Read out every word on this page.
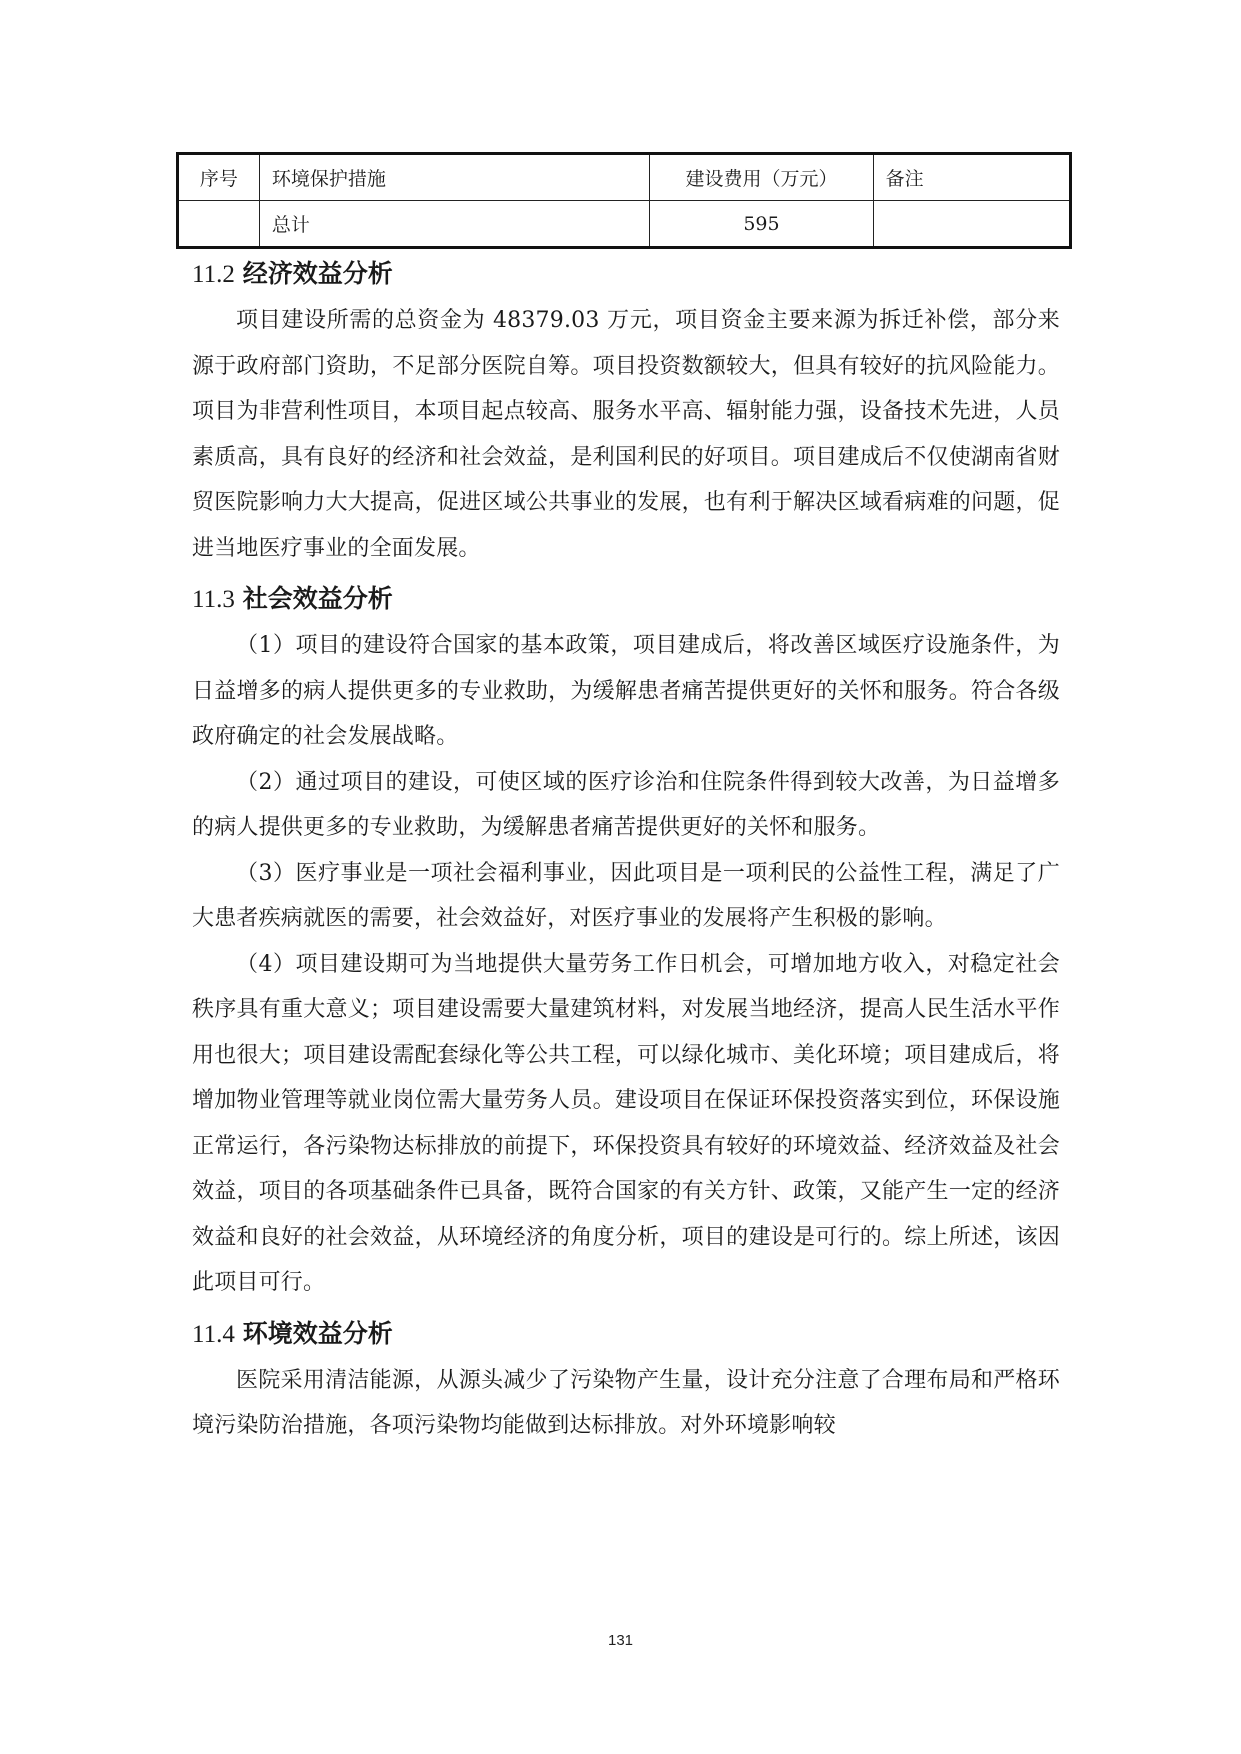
序号	环境保护措施	建设费用（万元）	备注
	总计	595	
11.2 经济效益分析

项目建设所需的总资金为 48379.03 万元，项目资金主要来源为拆迁补偿，部分来源于政府部门资助，不足部分医院自筹。项目投资数额较大，但具有较好的抗风险能力。项目为非营利性项目，本项目起点较高、服务水平高、辐射能力强，设备技术先进，人员素质高，具有良好的经济和社会效益，是利国利民的好项目。项目建成后不仅使湖南省财贸医院影响力大大提高，促进区域公共事业的发展，也有利于解决区域看病难的问题，促进当地医疗事业的全面发展。

11.3 社会效益分析

（1）项目的建设符合国家的基本政策，项目建成后，将改善区域医疗设施条件，为日益增多的病人提供更多的专业救助，为缓解患者痛苦提供更好的关怀和服务。符合各级政府确定的社会发展战略。

（2）通过项目的建设，可使区域的医疗诊治和住院条件得到较大改善，为日益增多的病人提供更多的专业救助，为缓解患者痛苦提供更好的关怀和服务。

（3）医疗事业是一项社会福利事业，因此项目是一项利民的公益性工程，满足了广大患者疾病就医的需要，社会效益好，对医疗事业的发展将产生积极的影响。

（4）项目建设期可为当地提供大量劳务工作日机会，可增加地方收入，对稳定社会秩序具有重大意义；项目建设需要大量建筑材料，对发展当地经济，提高人民生活水平作用也很大；项目建设需配套绿化等公共工程，可以绿化城市、美化环境；项目建成后，将增加物业管理等就业岗位需大量劳务人员。建设项目在保证环保投资落实到位，环保设施正常运行，各污染物达标排放的前提下，环保投资具有较好的环境效益、经济效益及社会效益，项目的各项基础条件已具备，既符合国家的有关方针、政策，又能产生一定的经济效益和良好的社会效益，从环境经济的角度分析，项目的建设是可行的。综上所述，该因此项目可行。

11.4 环境效益分析

医院采用清洁能源，从源头减少了污染物产生量，设计充分注意了合理布局和严格环境污染防治措施，各项污染物均能做到达标排放。对外环境影响较

131
